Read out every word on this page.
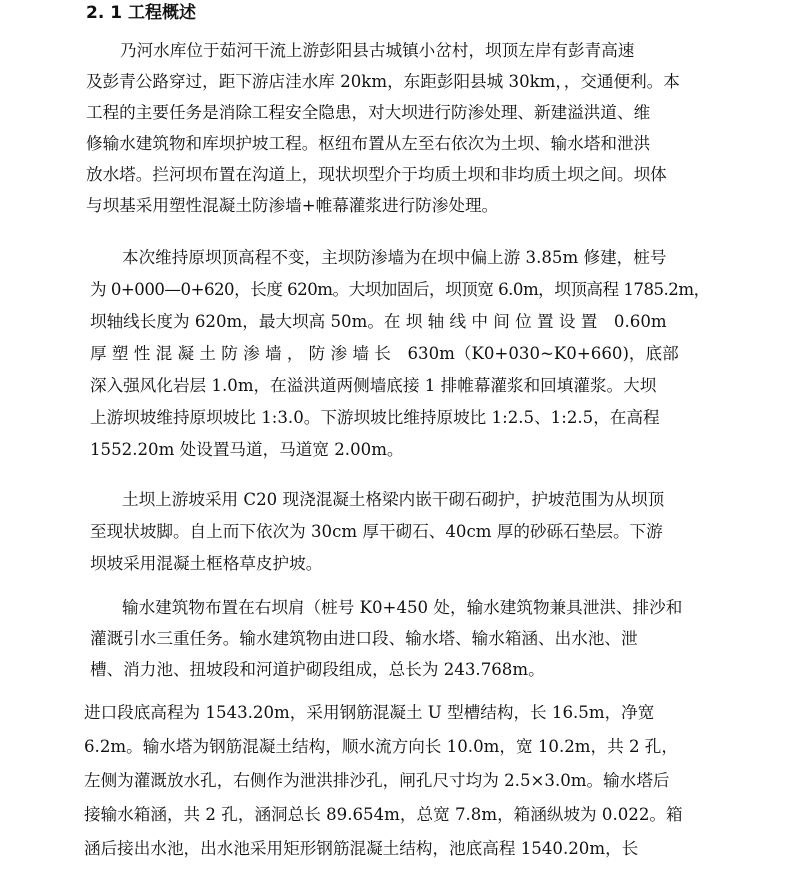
2. 1 工程概述
乃河水库位于茹河干流上游彭阳县古城镇小岔村，坝顶左岸有彭青高速
及彭青公路穿过，距下游店洼水库 20km，东距彭阳县城 30km，，交通便利。本
工程的主要任务是消除工程安全隐患，对大坝进行防渗处理、新建溢洪道、维
修输水建筑物和库坝护坡工程。枢纽布置从左至右依次为土坝、输水塔和泄洪
放水塔。拦河坝布置在沟道上，现状坝型介于均质土坝和非均质土坝之间。坝体
与坝基采用塑性混凝土防渗墙+帷幕灌浆进行防渗处理。
本次维持原坝顶高程不变，主坝防渗墙为在坝中偏上游 3.85m 修建，桩号
为 0+000—0+620，长度 620m。大坝加固后，坝顶宽 6.0m，坝顶高程 1785.2m，
坝轴线长度为 620m，最大坝高 50m。在 坝 轴 线 中 间 位 置 设 置　0.60m
厚 塑 性 混 凝 土 防 渗 墙 ， 防 渗 墙 长　630m（K0+030~K0+660)，底部
深入强风化岩层 1.0m，在溢洪道两侧墙底接 1 排帷幕灌浆和回填灌浆。大坝
上游坝坡维持原坝坡比 1:3.0。下游坝坡比维持原坡比 1:2.5、1:2.5，在高程
1552.20m 处设置马道，马道宽 2.00m。
土坝上游坡采用 C20 现浇混凝土格梁内嵌干砌石砌护，护坡范围为从坝顶
至现状坡脚。自上而下依次为 30cm 厚干砌石、40cm 厚的砂砾石垫层。下游
坝坡采用混凝土框格草皮护坡。
输水建筑物布置在右坝肩（桩号 K0+450 处，输水建筑物兼具泄洪、排沙和
灌溉引水三重任务。输水建筑物由进口段、输水塔、输水箱涵、出水池、泄
槽、消力池、扭坡段和河道护砌段组成，总长为 243.768m。
进口段底高程为 1543.20m，采用钢筋混凝土 U 型槽结构，长 16.5m，净宽
6.2m。输水塔为钢筋混凝土结构，顺水流方向长 10.0m，宽 10.2m，共 2 孔，
左侧为灌溉放水孔，右侧作为泄洪排沙孔，闸孔尺寸均为 2.5×3.0m。输水塔后
接输水箱涵，共 2 孔，涵洞总长 89.654m，总宽 7.8m，箱涵纵坡为 0.022。箱
涵后接出水池，出水池采用矩形钢筋混凝土结构，池底高程 1540.20m，长
